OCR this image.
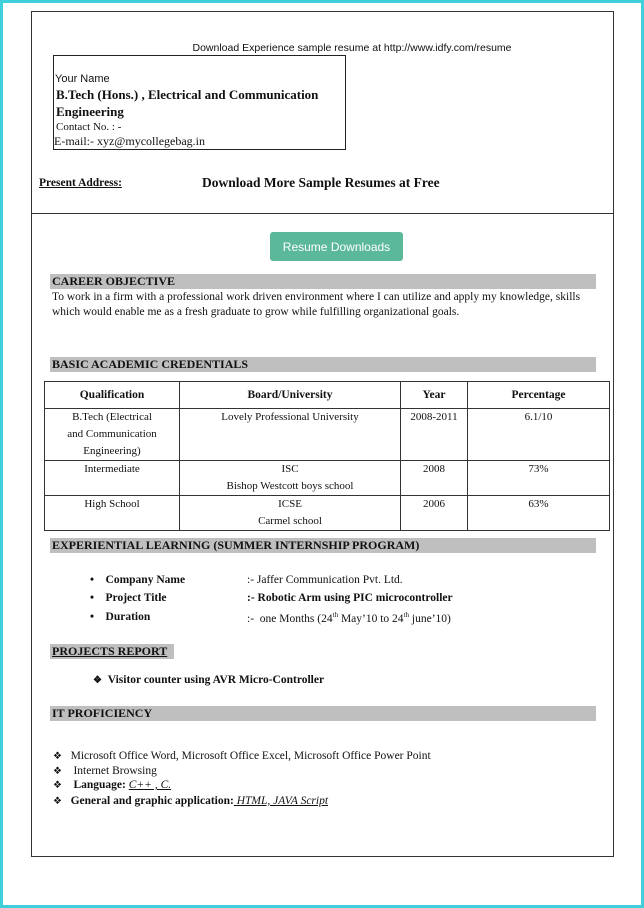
Download Experience sample resume at http://www.idfy.com/resume
Your Name
B.Tech (Hons.) , Electrical and Communication
Engineering
Contact No. : -
E-mail:- xyz@mycollegebag.in
Present Address:	Download More Sample Resumes at Free
Resume Downloads
CAREER OBJECTIVE
To work in a firm with a professional work driven environment where I can utilize and apply my knowledge, skills which would enable me as a fresh graduate to grow while fulfilling organizational goals.
BASIC ACADEMIC CREDENTIALS
Qualification	Board/University	Year	Percentage

B.Tech (Electrical
and Communication
Engineering)	Lovely Professional University	2008-2011	6.1/10

Intermediate	ISC
Bishop Westcott boys school	2008	73%

High School	ICSE
Carmel school	2006	63%
EXPERIENTIAL LEARNING (SUMMER INTERNSHIP PROGRAM)
•    Company Name	:- Jaffer Communication Pvt. Ltd.
•    Project Title	:- Robotic Arm using PIC microcontroller
•    Duration	:- one Months (24th May’10 to 24th june’10)
PROJECTS REPORT
❖ Visitor counter using AVR Micro-Controller
IT PROFICIENCY
❖ Microsoft Office Word, Microsoft Office Excel, Microsoft Office Power Point
❖ Internet Browsing
❖ Language: C++ , C.
❖ General and graphic application: HTML, JAVA Script
